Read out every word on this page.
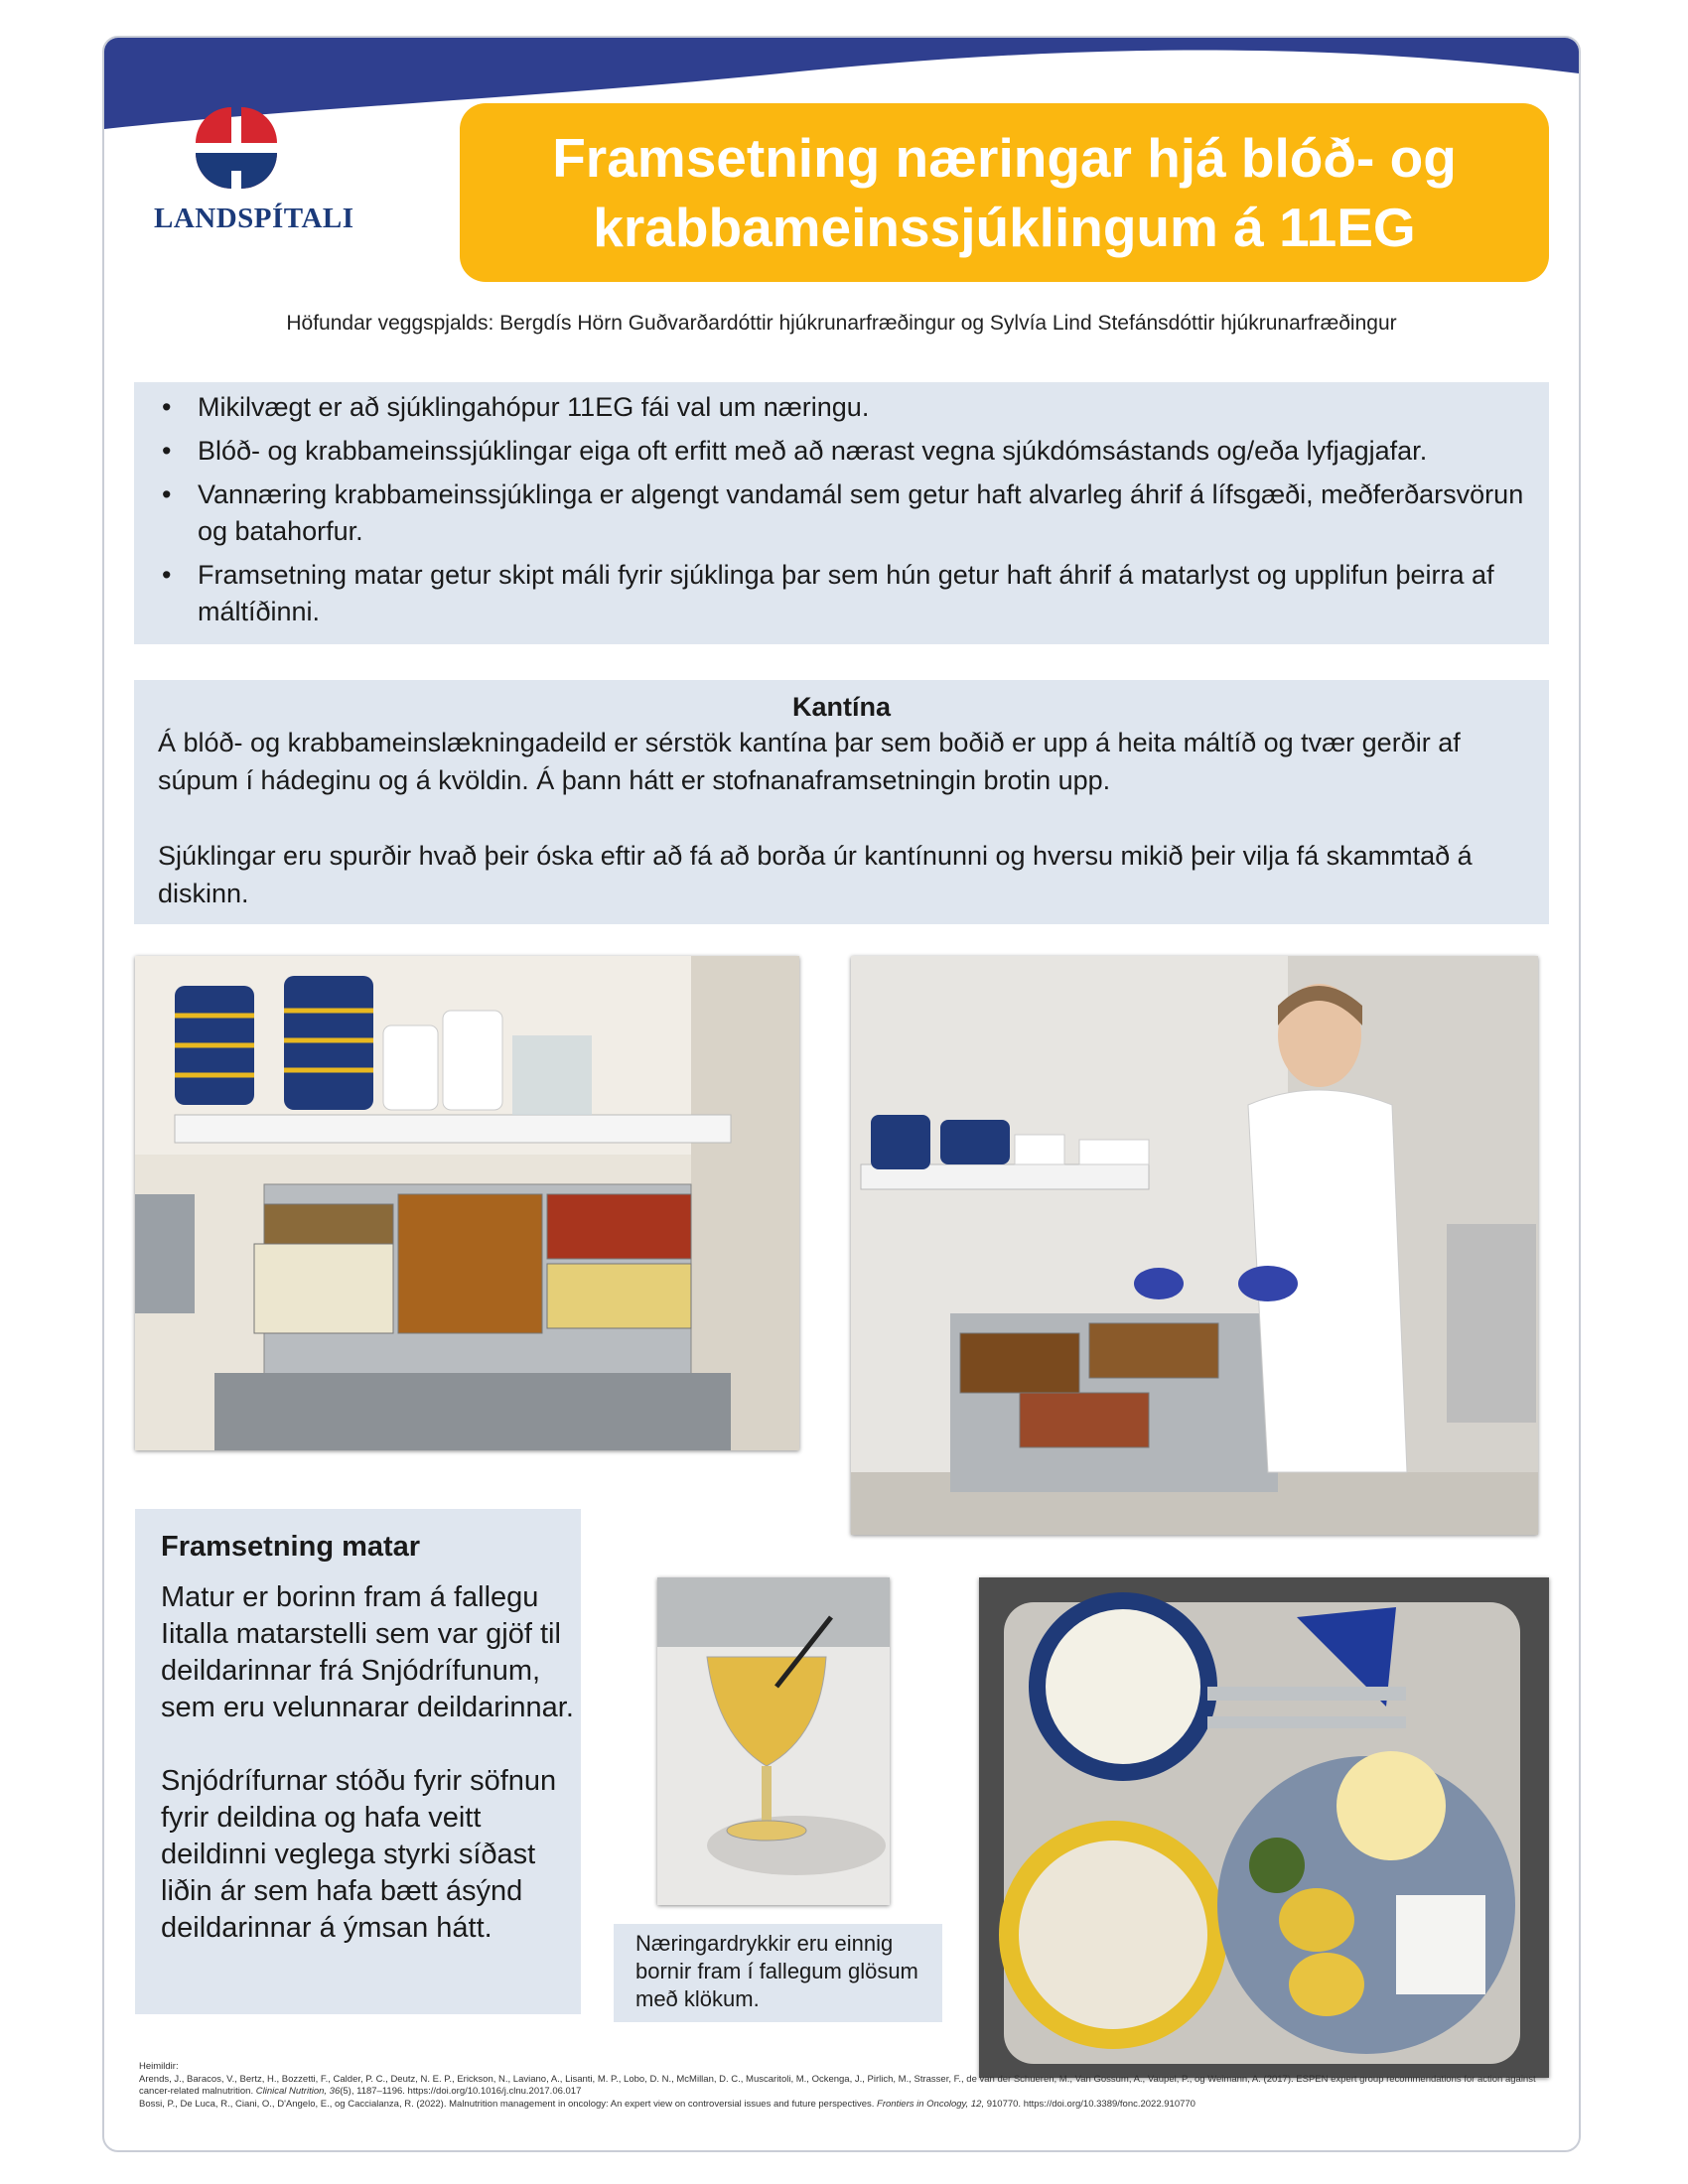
LANDSPÍTALI
Framsetning næringar hjá blóð- og
krabbameinssjúklingum á 11EG
Höfundar veggspjalds: Bergdís Hörn Guðvarðardóttir hjúkrunarfræðingur og Sylvía Lind Stefánsdóttir hjúkrunarfræðingur
• Mikilvægt er að sjúklingahópur 11EG fái val um næringu.
• Blóð- og krabbameinssjúklingar eiga oft erfitt með að nærast vegna sjúkdómsástands og/eða lyfjagjafar.
• Vannæring krabbameinssjúklinga er algengt vandamál sem getur haft alvarleg áhrif á lífsgæði, meðferðarsvörun og batahorfur.
• Framsetning matar getur skipt máli fyrir sjúklinga þar sem hún getur haft áhrif á matarlyst og upplifun þeirra af máltíðinni.
Kantína

Á blóð- og krabbameinslækningadeild er sérstök kantína þar sem boðið er upp á heita máltíð og tvær gerðir af súpum í hádeginu og á kvöldin. Á þann hátt er stofnanaframsetningin brotin upp.

Sjúklingar eru spurðir hvað þeir óska eftir að fá að borða úr kantínunni og hversu mikið þeir vilja fá skammtað á diskinn.

Framsetning matar

Matur er borinn fram á fallegu Iitalla matarstelli sem var gjöf til deildarinnar frá Snjódrífunum, sem eru velunnarar deildarinnar.

Snjódrífurnar stóðu fyrir söfnun fyrir deildina og hafa veitt deildinni veglega styrki síðast liðin ár sem hafa bætt ásýnd deildarinnar á ýmsan hátt.	Næringardrykkir eru einnig bornir fram í fallegum glösum með klökum.
Heimildir:
Arends, J., Baracos, V., Bertz, H., Bozzetti, F., Calder, P. C., Deutz, N. E. P., Erickson, N., Laviano, A., Lisanti, M. P., Lobo, D. N., McMillan, D. C., Muscaritoli, M., Ockenga, J., Pirlich, M., Strasser, F., de van der Schueren, M., Van Gossum, A., Vaupel, P., og Weimann, A. (2017). ESPEN expert group recommendations for action against cancer-related malnutrition. Clinical Nutrition, 36(5), 1187–1196. https://doi.org/10.1016/j.clnu.2017.06.017
Bossi, P., De Luca, R., Ciani, O., D'Angelo, E., og Caccialanza, R. (2022). Malnutrition management in oncology: An expert view on controversial issues and future perspectives. Frontiers in Oncology, 12, 910770. https://doi.org/10.3389/fonc.2022.910770
